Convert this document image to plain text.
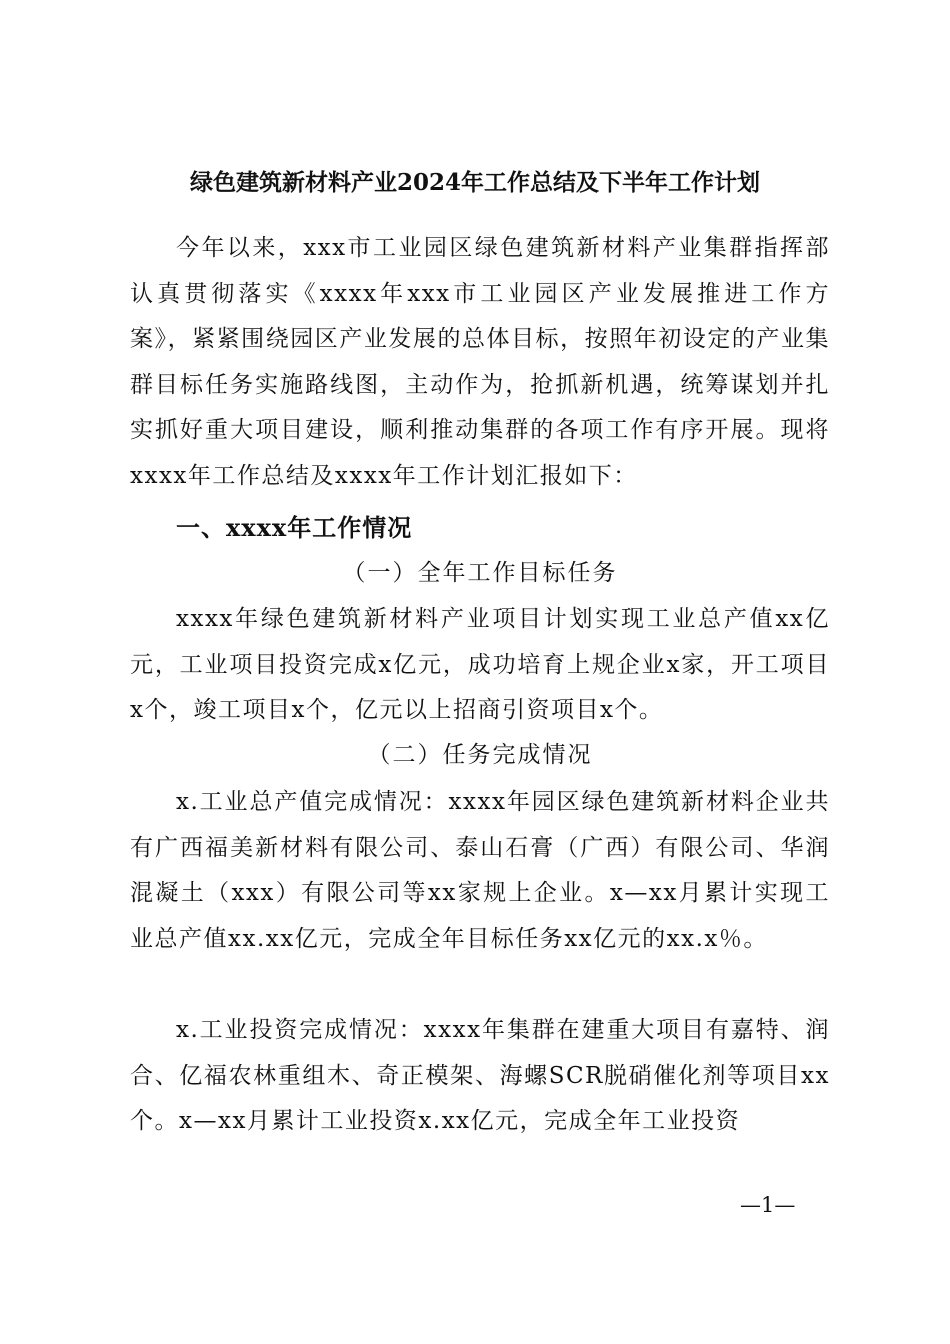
绿色建筑新材料产业2024年工作总结及下半年工作计划

今年以来，xxx市工业园区绿色建筑新材料产业集群指挥部认真贯彻落实《xxxx年xxx市工业园区产业发展推进工作方案》，紧紧围绕园区产业发展的总体目标，按照年初设定的产业集群目标任务实施路线图，主动作为，抢抓新机遇，统筹谋划并扎实抓好重大项目建设，顺利推动集群的各项工作有序开展。现将xxxx年工作总结及xxxx年工作计划汇报如下：

一、xxxx年工作情况
（一）全年工作目标任务

xxxx年绿色建筑新材料产业项目计划实现工业总产值xx亿元，工业项目投资完成x亿元，成功培育上规企业x家，开工项目x个，竣工项目x个，亿元以上招商引资项目x个。

（二）任务完成情况

x.工业总产值完成情况：xxxx年园区绿色建筑新材料企业共有广西福美新材料有限公司、泰山石膏（广西）有限公司、华润混凝土（xxx）有限公司等xx家规上企业。x—xx月累计实现工业总产值xx.xx亿元，完成全年目标任务xx亿元的xx.x％。

x.工业投资完成情况：xxxx年集群在建重大项目有嘉特、润合、亿福农林重组木、奇正模架、海螺SCR脱硝催化剂等项目xx个。x—xx月累计工业投资x.xx亿元，完成全年工业投资

—1—
